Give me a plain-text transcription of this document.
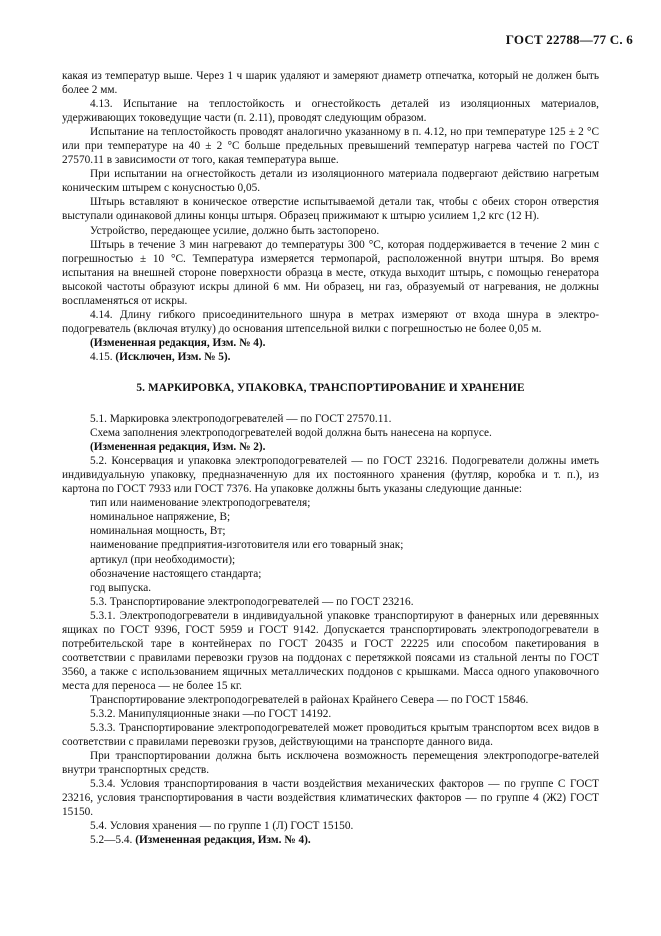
ГОСТ 22788—77 С. 6

какая из температур выше. Через 1 ч шарик удаляют и замеряют диаметр отпечатка, который не должен быть более 2 мм.

4.13. Испытание на теплостойкость и огнестойкость деталей из изоляционных материалов, удерживающих токоведущие части (п. 2.11), проводят следующим образом.

Испытание на теплостойкость проводят аналогично указанному в п. 4.12, но при температуре 125 ± 2 °С или при температуре на 40 ± 2 °С больше предельных превышений температур нагрева частей по ГОСТ 27570.11 в зависимости от того, какая температура выше.

При испытании на огнестойкость детали из изоляционного материала подвергают действию нагретым коническим штырем с конусностью 0,05.

Штырь вставляют в коническое отверстие испытываемой детали так, чтобы с обеих сторон отверстия выступали одинаковой длины концы штыря. Образец прижимают к штырю усилием 1,2 кгс (12 Н).

Устройство, передающее усилие, должно быть застопорено.

Штырь в течение 3 мин нагревают до температуры 300 °С, которая поддерживается в течение 2 мин с погрешностью ± 10 °С. Температура измеряется термопарой, расположенной внутри штыря. Во время испытания на внешней стороне поверхности образца в месте, откуда выходит штырь, с помощью генератора высокой частоты образуют искры длиной 6 мм. Ни образец, ни газ, образуемый от нагревания, не должны воспламеняться от искры.

4.14. Длину гибкого присоединительного шнура в метрах измеряют от входа шнура в электро-подогреватель (включая втулку) до основания штепсельной вилки с погрешностью не более 0,05 м.

(Измененная редакция, Изм. № 4).

4.15. (Исключен, Изм. № 5).

5. МАРКИРОВКА, УПАКОВКА, ТРАНСПОРТИРОВАНИЕ И ХРАНЕНИЕ

5.1. Маркировка электроподогревателей — по ГОСТ 27570.11.

Схема заполнения электроподогревателей водой должна быть нанесена на корпусе.

(Измененная редакция, Изм. № 2).

5.2. Консервация и упаковка электроподогревателей — по ГОСТ 23216. Подогреватели должны иметь индивидуальную упаковку, предназначенную для их постоянного хранения (футляр, коробка и т. п.), из картона по ГОСТ 7933 или ГОСТ 7376. На упаковке должны быть указаны следующие данные:

тип или наименование электроподогревателя;

номинальное напряжение, В;

номинальная мощность, Вт;

наименование предприятия-изготовителя или его товарный знак;

артикул (при необходимости);

обозначение настоящего стандарта;

год выпуска.

5.3. Транспортирование электроподогревателей — по ГОСТ 23216.

5.3.1. Электроподогреватели в индивидуальной упаковке транспортируют в фанерных или деревянных ящиках по ГОСТ 9396, ГОСТ 5959 и ГОСТ 9142. Допускается транспортировать электроподогреватели в потребительской таре в контейнерах по ГОСТ 20435 и ГОСТ 22225 или способом пакетирования в соответствии с правилами перевозки грузов на поддонах с перетяжкой поясами из стальной ленты по ГОСТ 3560, а также с использованием ящичных металлических поддонов с крышками. Масса одного упаковочного места для переноса — не более 15 кг.

Транспортирование электроподогревателей в районах Крайнего Севера — по ГОСТ 15846.

5.3.2. Манипуляционные знаки —по ГОСТ 14192.

5.3.3. Транспортирование электроподогревателей может проводиться крытым транспортом всех видов в соответствии с правилами перевозки грузов, действующими на транспорте данного вида.

При транспортировании должна быть исключена возможность перемещения электроподогре-вателей внутри транспортных средств.

5.3.4. Условия транспортирования в части воздействия механических факторов — по группе С ГОСТ 23216, условия транспортирования в части воздействия климатических факторов — по группе 4 (Ж2) ГОСТ 15150.

5.4. Условия хранения — по группе 1 (Л) ГОСТ 15150.

5.2—5.4. (Измененная редакция, Изм. № 4).
